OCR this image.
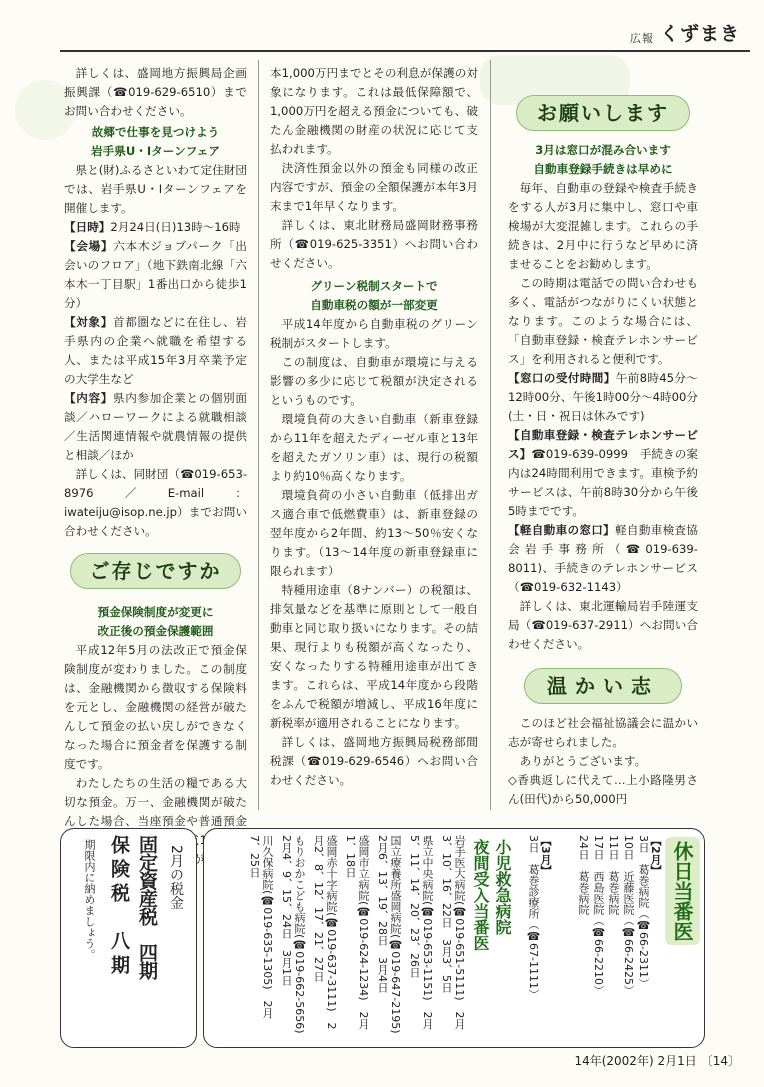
広報 くずまき

詳しくは、盛岡地方振興局企画振興課（☎019-629-6510）までお問い合わせください。

故郷で仕事を見つけよう

岩手県U・Iターンフェア

県と(財)ふるさといわて定住財団では、岩手県U・Iターンフェアを開催します。

【日時】2月24日(日)13時～16時

【会場】六本木ジョブパーク「出会いのフロア」（地下鉄南北線「六本木一丁目駅」1番出口から徒歩1分）

【対象】首都圏などに在住し、岩手県内の企業へ就職を希望する人、または平成15年3月卒業予定の大学生など

【内容】県内参加企業との個別面談／ハローワークによる就職相談／生活関連情報や就農情報の提供と相談／ほか

詳しくは、同財団（☎019-653-8976／E-mail：iwateiju@isop.ne.jp）までお問い合わせください。

ご存じですか

預金保険制度が変更に

改正後の預金保護範囲

平成12年5月の法改正で預金保険制度が変わりました。この制度は、金融機関から徴収する保険料を元とし、金融機関の経営が破たんして預金の払い戻しができなくなった場合に預金者を保護する制度です。

わたしたちの生活の糧である大切な預金。万一、金融機関が破たんした場合、当座預金や普通預金 が

本1,000万円までとその利息が保護の対象になります。これは最低保障額で、1,000万円を超える預金についても、破たん金融機関の財産の状況に応じて支払われます。

決済性預金以外の預金も同様の改正内容ですが、預金の全額保護が本年3月末まで1年早くなります。

詳しくは、東北財務局盛岡財務事務所（☎019-625-3351）へお問い合わせください。

グリーン税制スタートで

自動車税の額が一部変更

平成14年度から自動車税のグリーン税制がスタートします。

この制度は、自動車が環境に与える影響の多少に応じて税額が決定されるというものです。

環境負荷の大きい自動車（新車登録から11年を超えたディーゼル車と13年を超えたガソリン車）は、現行の税額より約10％高くなります。

環境負荷の小さい自動車（低排出ガス適合車で低燃費車）は、新車登録の翌年度から2年間、約13～50％安くなります。（13～14年度の新車登録車に限られます）

特種用途車（8ナンバー）の税額は、排気量などを基準に原則として一般自動車と同じ取り扱いになります。その結果、現行よりも税額が高くなったり、安くなったりする特種用途車が出てきます。これらは、平成14年度から段階をふんで税額が増減し、平成16年度に新税率が適用されることになります。

詳しくは、盛岡地方振興局税務部間税課（☎019-629-6546）へお問い合わせください。

お願いします

3月は窓口が混み合います

自動車登録手続きは早めに

毎年、自動車の登録や検査手続きをする人が3月に集中し、窓口や車検場が大変混雑します。これらの手続きは、2月中に行うなど早めに済ませることをお勧めします。

この時期は電話での問い合わせも多く、電話がつながりにくい状態となります。このような場合には、「自動車登録・検査テレホンサービス」を利用されると便利です。

【窓口の受付時間】午前8時45分～12時00分、午後1時00分～4時00分(土・日・祝日は休みです)

【自動車登録・検査テレホンサービス】☎019-639-0999　手続きの案内は24時間利用できます。車検予約サービスは、午前8時30分から午後5時までです。

【軽自動車の窓口】軽自動車検査協会岩手事務所（☎019-639-8011)、手続きのテレホンサービス（☎019-632-1143）

詳しくは、東北運輸局岩手陸運支局（☎019-637-2911）へお問い合わせください。

温かい志

このほど社会福祉協議会に温かい志が寄せられました。

ありがとうございます。

◇香典返しに代えて…上小路隆男さん(田代)から50,000円

2月の税金
固定資産税　四期
保険税　八期
期限内に納めましょう。	休日当番医
【2月】
3日　葛巻病院（☎66-2311）
10日　近藤医院（☎66-2425）
11日　葛巻病院
17日　西島医院（☎66-2210）
24日　葛巻病院
【3月】
3日　葛巻診療所（☎67-1111）
小児救急病院
夜間受入当番医
岩手医大病院(☎019-651-5111)　2月3、10、16、22日　3月3、5日
県立中央病院(☎019-653-1151)　2月5、11、14、20、23、26日
国立療養所盛岡病院(☎019-647-2195)　2月6、13、19、28日　3月4日
盛岡市立病院(☎019-624-1234)　2月1、18日
盛岡赤十字病院(☎019-637-3111)　2月2、8、12、17、21、27日
もりおかこども病院(☎019-662-5656)　2月4、9、15、24日　3月1日
川久保病院(☎019-635-1305)　2月7、25日
14年(2002年) 2月1日 〔14〕
